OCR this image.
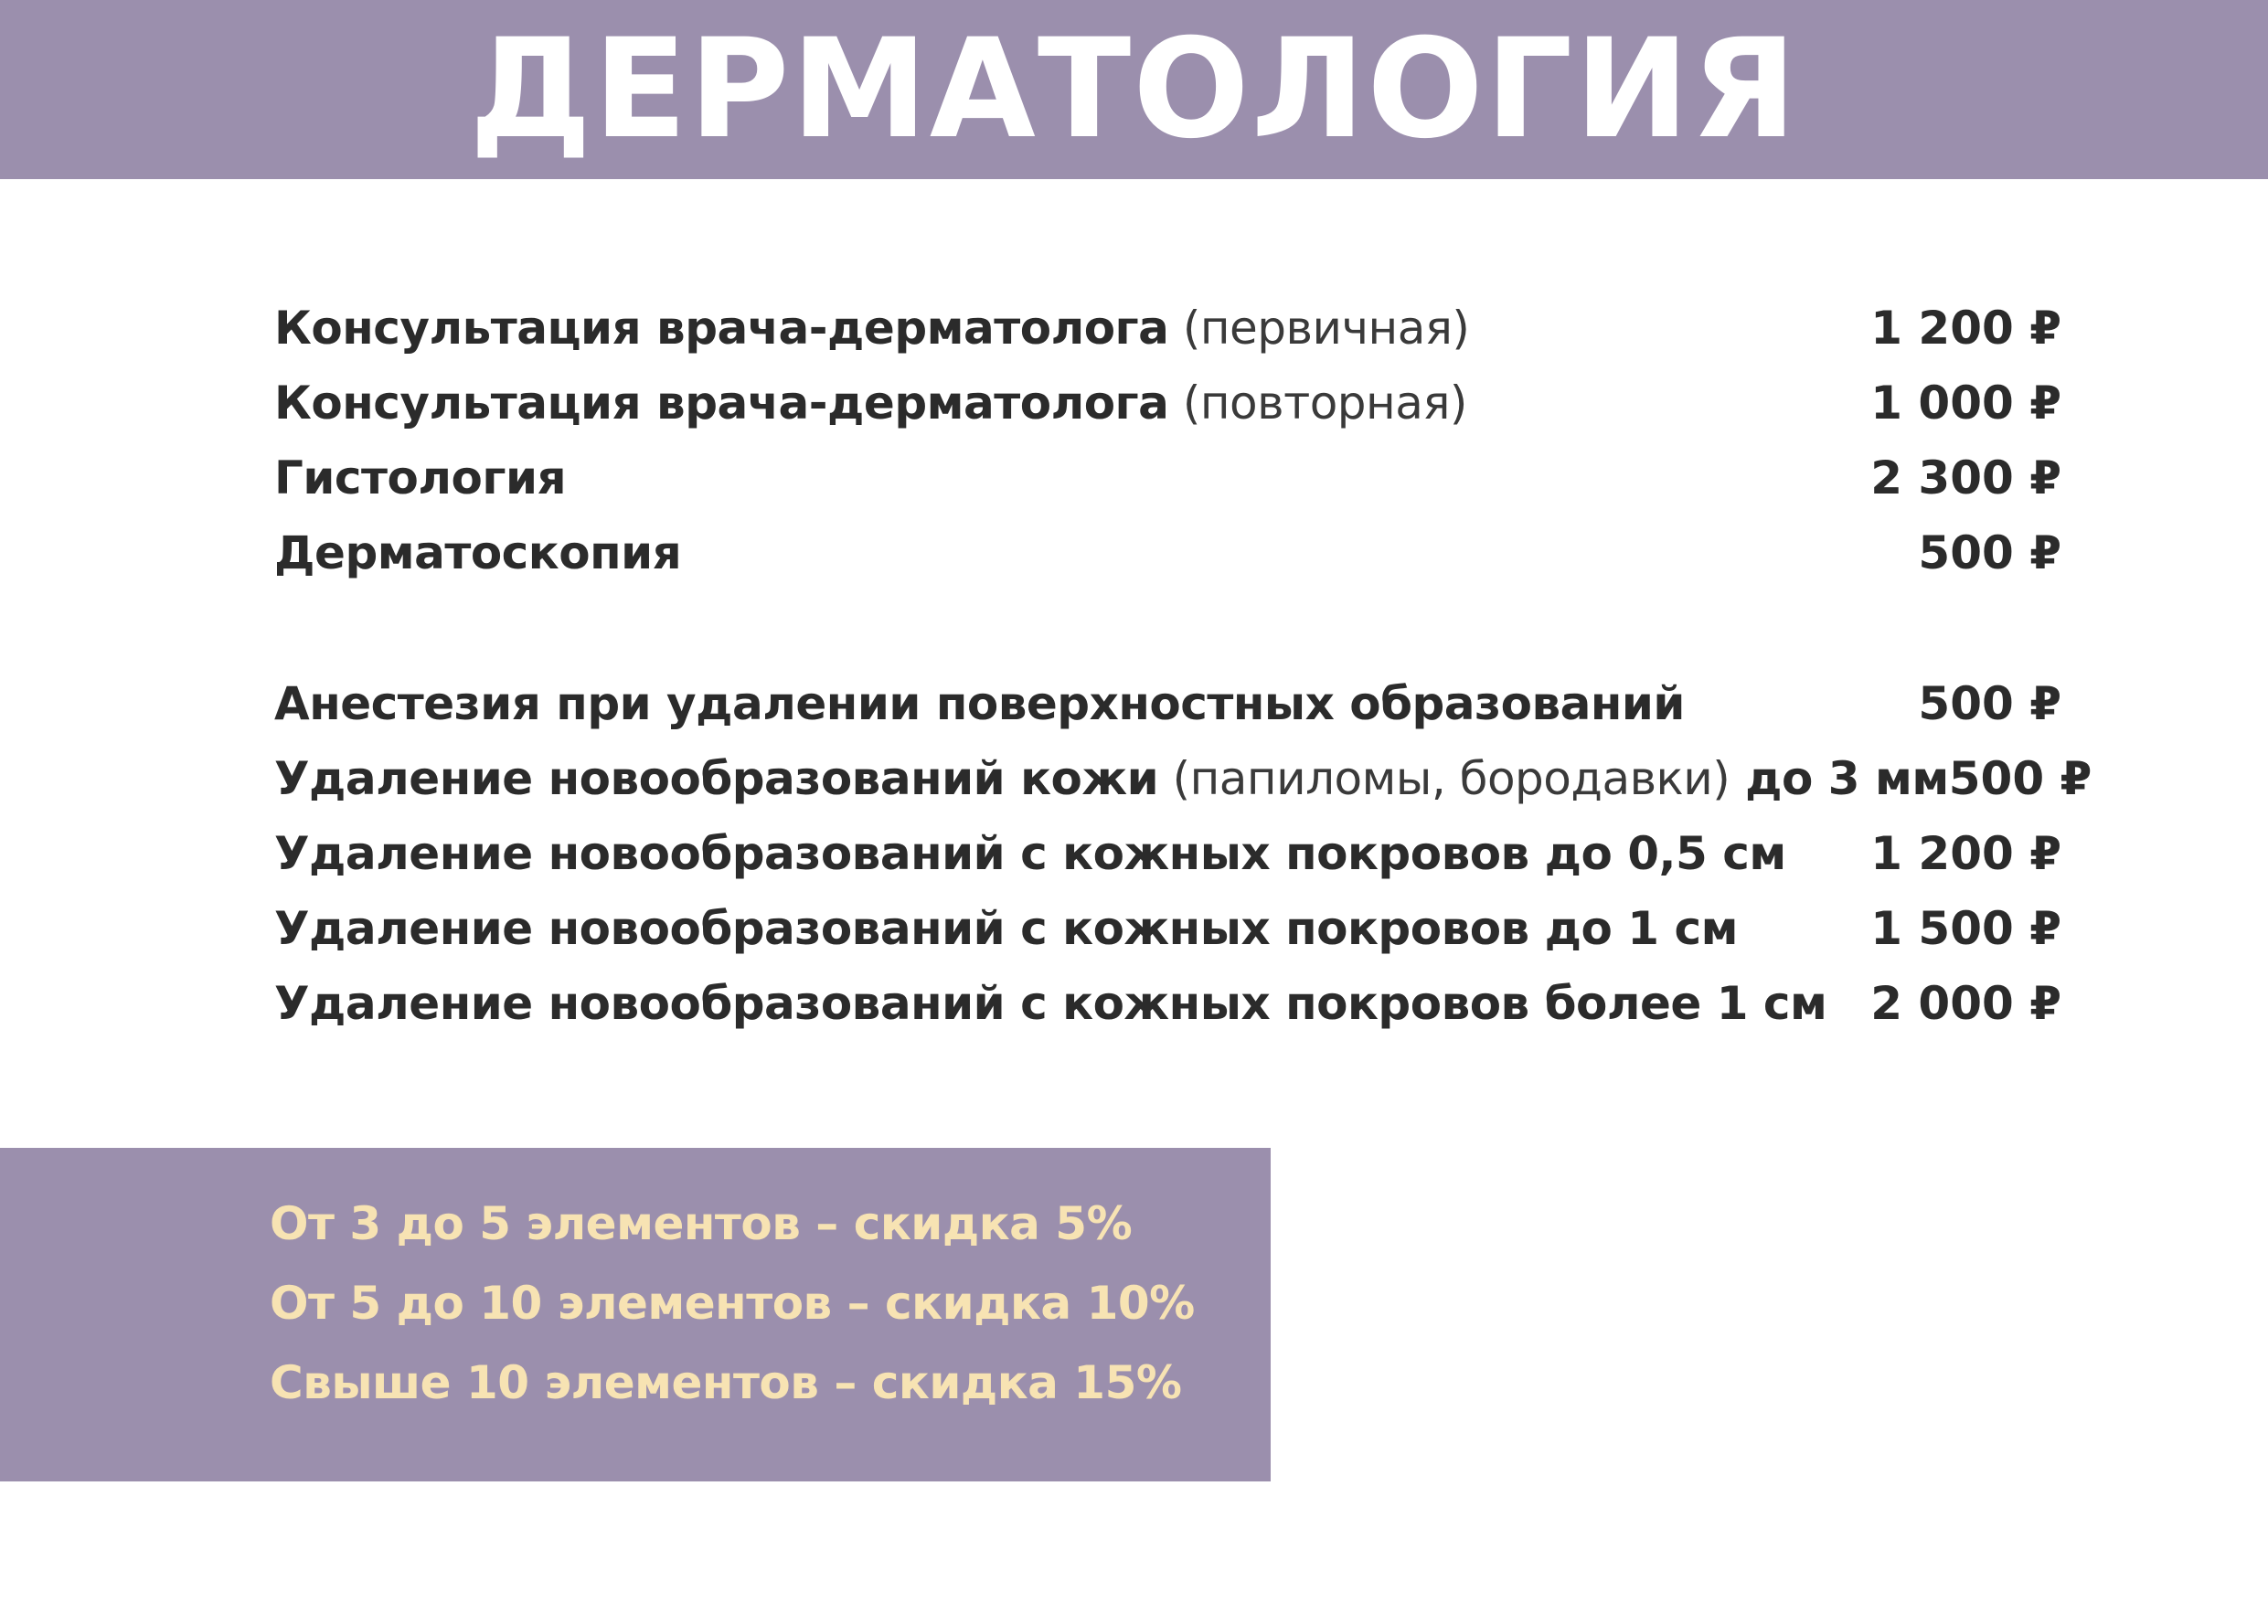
ДЕРМАТОЛОГИЯ
Консультация врача-дерматолога (первичная)	1 200 ₽
Консультация врача-дерматолога (повторная)	1 000 ₽
Гистология	2 300 ₽
Дерматоскопия	500 ₽
Анестезия при удалении поверхностных образований	500 ₽
Удаление новообразований кожи (папиломы, бородавки) до 3 мм 500 ₽
Удаление новообразований с кожных покровов до 0,5 см 1 200 ₽
Удаление новообразований с кожных покровов до 1 см	1 500 ₽
Удаление новообразований с кожных покровов более 1 см 2 000 ₽
От 3 до 5 элементов – скидка 5%
От 5 до 10 элементов – скидка 10%
Свыше 10 элементов – скидка 15%
